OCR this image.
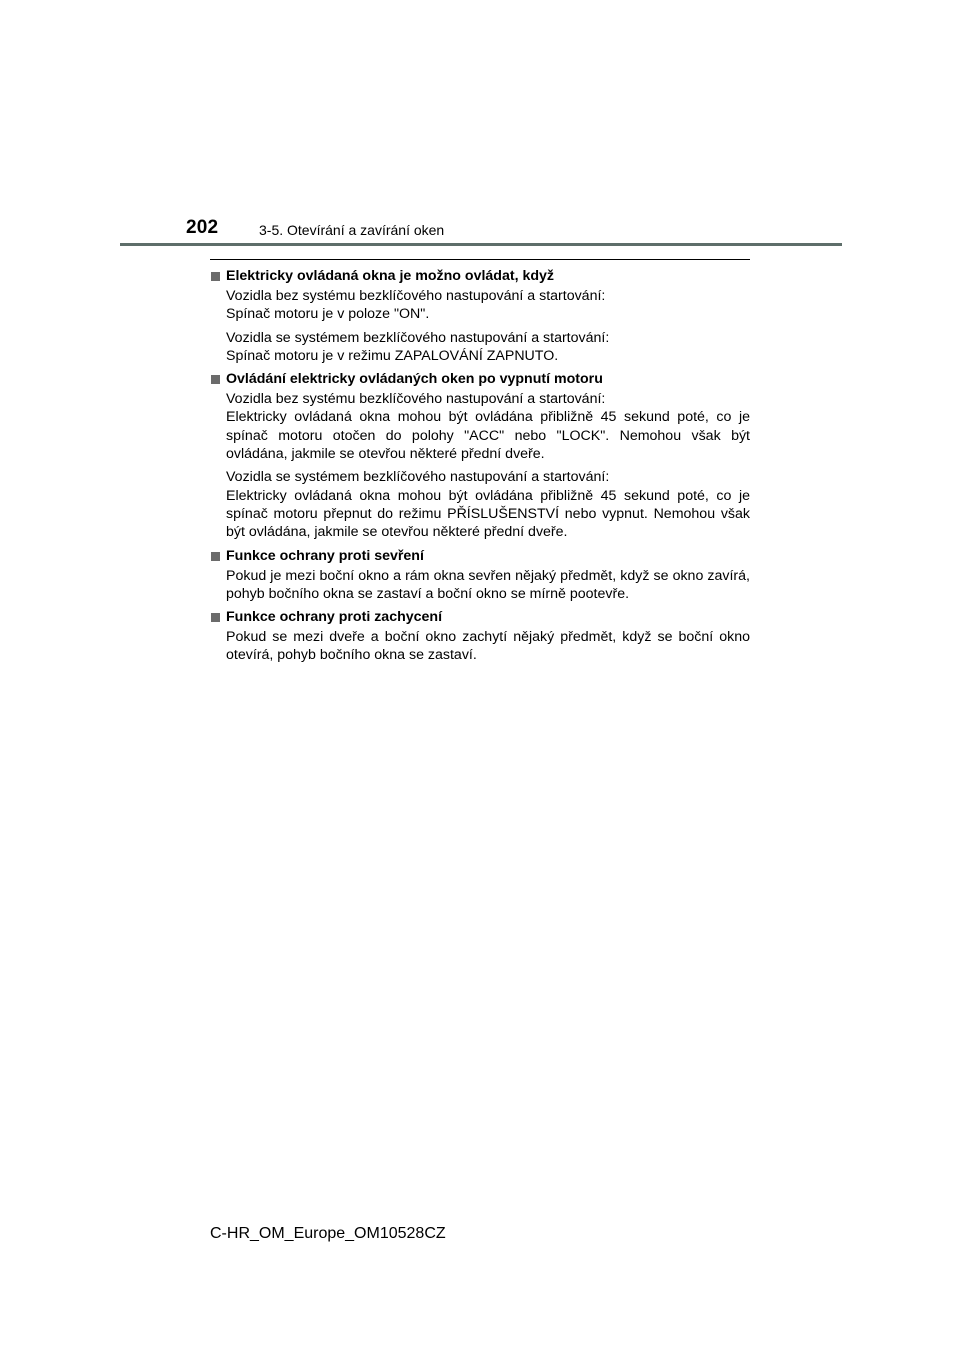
202	3-5. Otevírání a zavírání oken
Elektricky ovládaná okna je možno ovládat, když
Vozidla bez systému bezklíčového nastupování a startování:
Spínač motoru je v poloze "ON".
Vozidla se systémem bezklíčového nastupování a startování:
Spínač motoru je v režimu ZAPALOVÁNÍ ZAPNUTO.
Ovládání elektricky ovládaných oken po vypnutí motoru
Vozidla bez systému bezklíčového nastupování a startování:
Elektricky ovládaná okna mohou být ovládána přibližně 45 sekund poté, co je spínač motoru otočen do polohy "ACC" nebo "LOCK". Nemohou však být ovládána, jakmile se otevřou některé přední dveře.
Vozidla se systémem bezklíčového nastupování a startování:
Elektricky ovládaná okna mohou být ovládána přibližně 45 sekund poté, co je spínač motoru přepnut do režimu PŘÍSLUŠENSTVÍ nebo vypnut. Nemohou však být ovládána, jakmile se otevřou některé přední dveře.
Funkce ochrany proti sevření
Pokud je mezi boční okno a rám okna sevřen nějaký předmět, když se okno zavírá, pohyb bočního okna se zastaví a boční okno se mírně pootevře.
Funkce ochrany proti zachycení
Pokud se mezi dveře a boční okno zachytí nějaký předmět, když se boční okno otevírá, pohyb bočního okna se zastaví.
C-HR_OM_Europe_OM10528CZ
